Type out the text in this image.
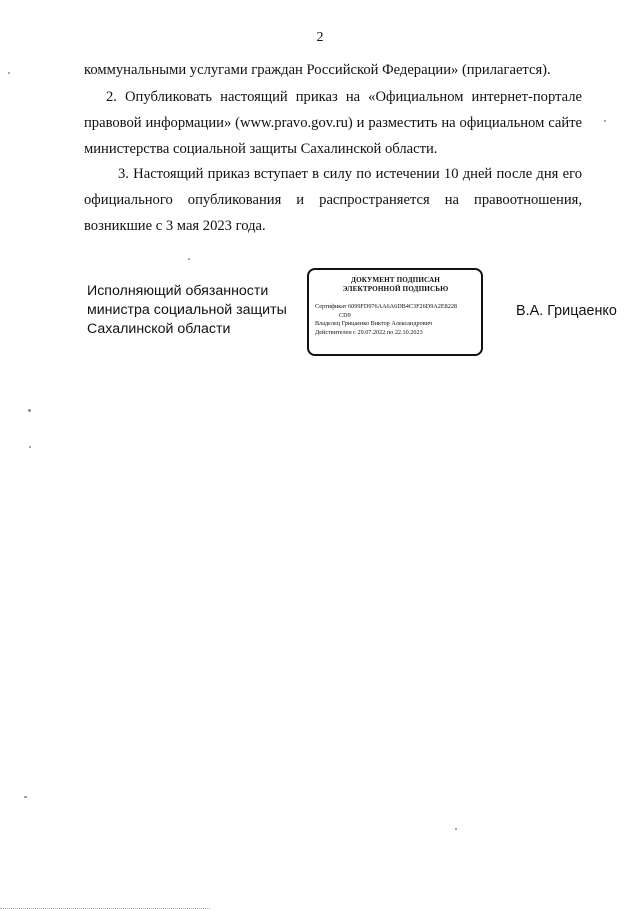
2

коммунальными услугами граждан Российской Федерации» (прилагается).

2. Опубликовать настоящий приказ на «Официальном интернет-портале правовой информации» (www.pravo.gov.ru) и разместить на официальном сайте министерства социальной защиты Сахалинской области.

3. Настоящий приказ вступает в силу по истечении 10 дней после дня его официального опубликования и распространяется на правоотношения, возникшие с 3 мая 2023 года.

Исполняющий обязанности
министра социальной защиты
Сахалинской области
ДОКУМЕНТ ПОДПИСАН
ЭЛЕКТРОННОЙ ПОДПИСЬЮ
Сертификат 6099FD976AA6A6DB4C3F26D9A2E8228
CD9
Владелец Грицаенко Виктор Александрович
Действителен с 29.07.2022 по 22.10.2023
В.А. Грицаенко
